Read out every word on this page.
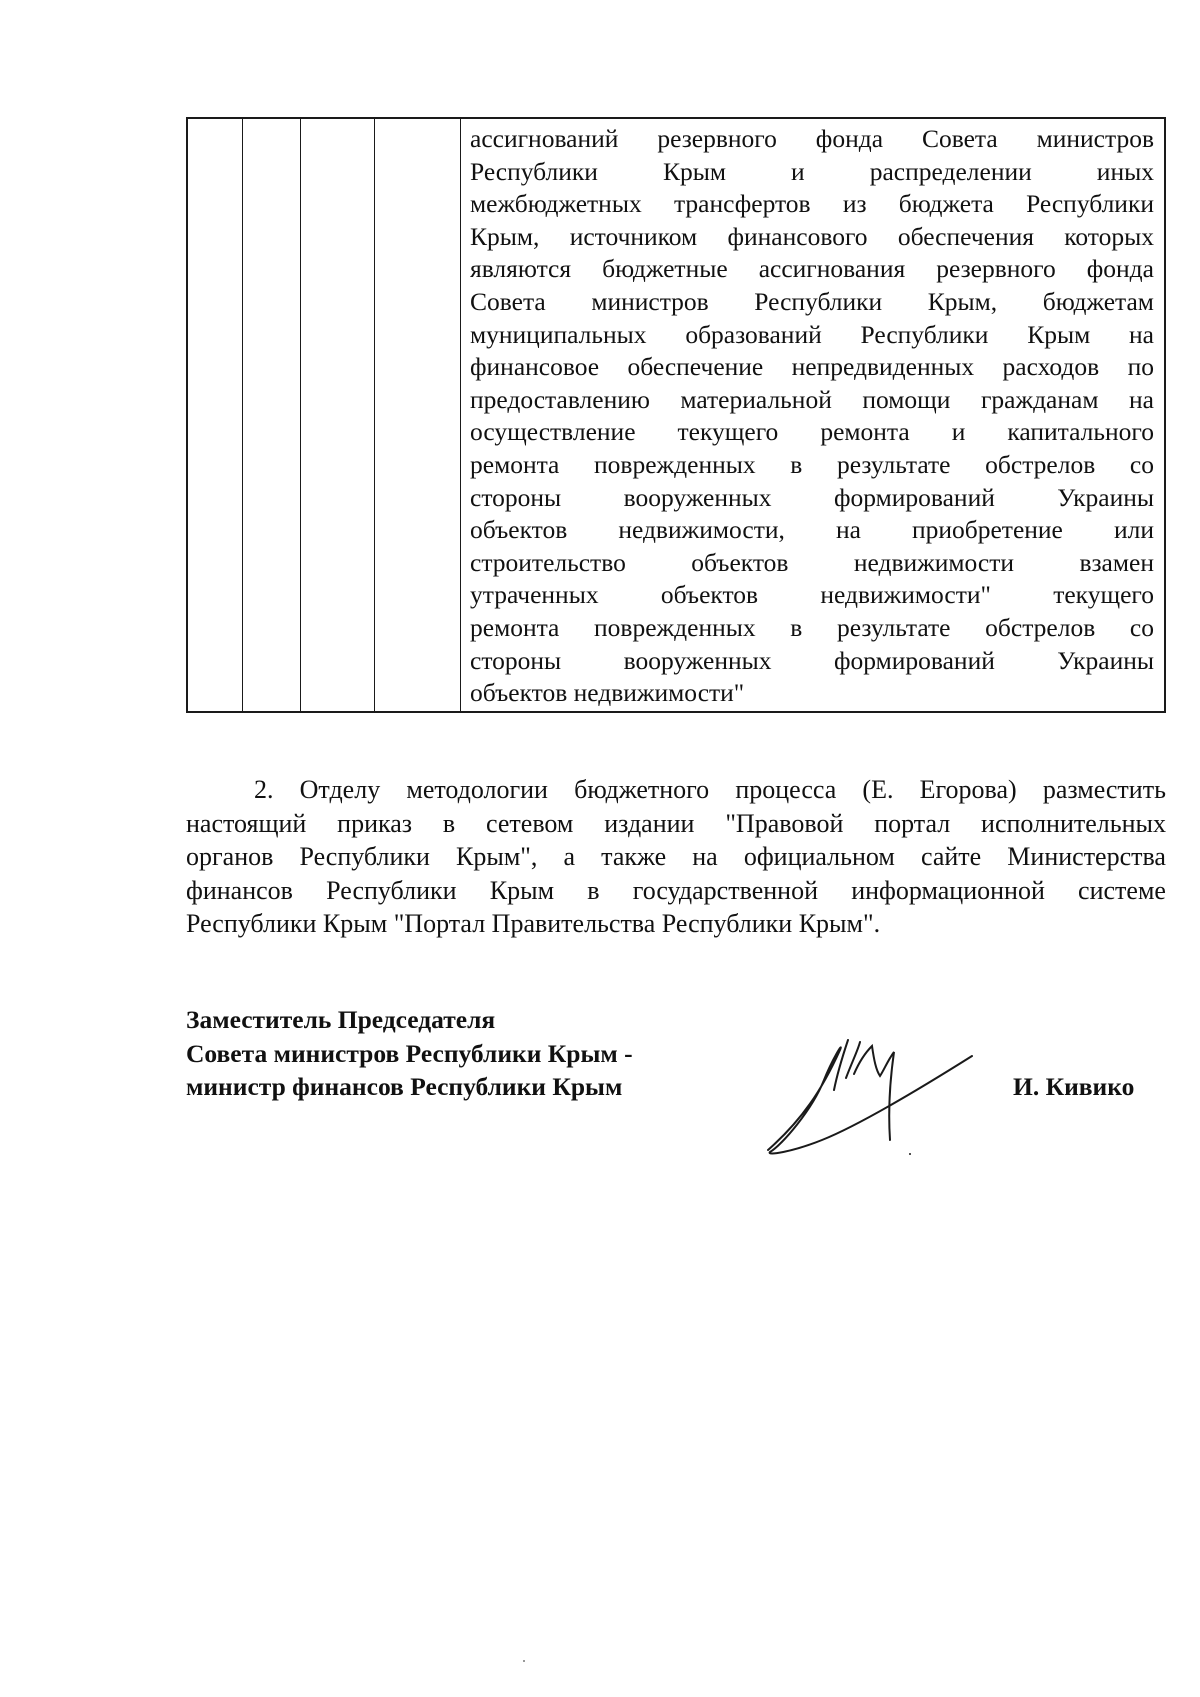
ассигнований резервного фонда Совета министров
Республики	Крым	и	распределении	иных
межбюджетных трансфертов из бюджета Республики
Крым, источником финансового обеспечения которых
являются бюджетные ассигнования резервного фонда
Совета министров Республики Крым, бюджетам
муниципальных образований Республики Крым на
финансовое обеспечение непредвиденных расходов по
предоставлению материальной помощи гражданам на
осуществление текущего ремонта и капитального
ремонта поврежденных в результате обстрелов со
стороны вооруженных формирований Украины
объектов недвижимости, на приобретение или
строительство	объектов	недвижимости	взамен
утраченных объектов недвижимости" текущего
ремонта поврежденных в результате обстрелов со
стороны вооруженных формирований Украины
объектов недвижимости"
2. Отделу методологии бюджетного процесса (Е. Егорова) разместить
настоящий приказ в сетевом издании "Правовой портал исполнительных
органов Республики Крым", а также на официальном сайте Министерства
финансов Республики Крым в государственной информационной системе
Республики Крым "Портал Правительства Республики Крым".
Заместитель Председателя
Совета министров Республики Крым -
министр финансов Республики Крым	И. Кивико
